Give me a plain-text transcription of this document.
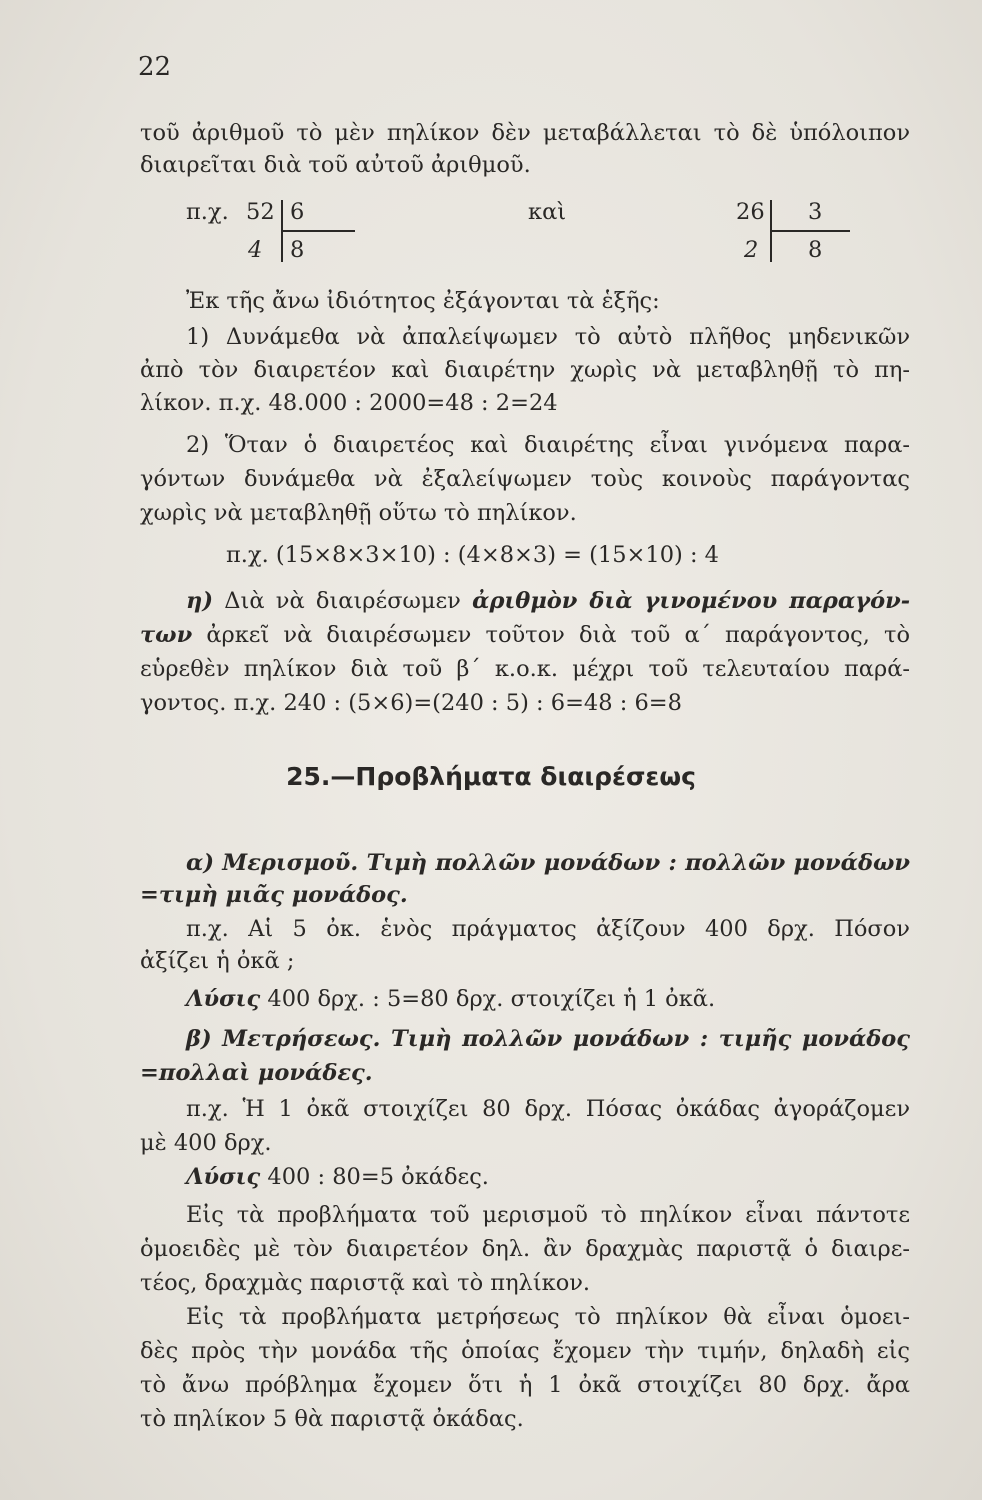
22
τοῦ ἀριθμοῦ τὸ μὲν πηλίκον δὲν μεταβάλλεται τὸ δὲ ὑπόλοιπον
διαιρεῖται διὰ τοῦ αὐτοῦ ἀριθμοῦ.
π.χ. 52 6
4 8
καὶ	26 3
2 8
Ἐκ τῆς ἄνω ἰδιότητος ἐξάγονται τὰ ἑξῆς:
1) Δυνάμεθα νὰ ἀπαλείψωμεν τὸ αὐτὸ πλῆθος μηδενικῶν
ἀπὸ τὸν διαιρετέον καὶ διαιρέτην χωρὶς νὰ μεταβληθῇ τὸ πη-
λίκον. π.χ. 48.000 : 2000=48 : 2=24
2) Ὅταν ὁ διαιρετέος καὶ διαιρέτης εἶναι γινόμενα παρα-
γόντων δυνάμεθα νὰ ἐξαλείψωμεν τοὺς κοινοὺς παράγοντας
χωρὶς νὰ μεταβληθῇ οὕτω τὸ πηλίκον.
π.χ. (15×8×3×10) : (4×8×3) = (15×10) : 4
η) Διὰ νὰ διαιρέσωμεν ἀριθμὸν διὰ γινομένου παραγόν-
των ἀρκεῖ νὰ διαιρέσωμεν τοῦτον διὰ τοῦ α΄ παράγοντος, τὸ
εὑρεθὲν πηλίκον διὰ τοῦ β΄ κ.ο.κ. μέχρι τοῦ τελευταίου παρά-
γοντος. π.χ. 240 : (5×6)=(240 : 5) : 6=48 : 6=8
25.—Προβλήματα διαιρέσεως
α) Μερισμοῦ. Τιμὴ πολλῶν μονάδων : πολλῶν μονάδων
=τιμὴ μιᾶς μονάδος.
π.χ. Αἱ 5 ὀκ. ἑνὸς πράγματος ἀξίζουν 400 δρχ. Πόσον
ἀξίζει ἡ ὀκᾶ ;
Λύσις 400 δρχ. : 5=80 δρχ. στοιχίζει ἡ 1 ὀκᾶ.
β) Μετρήσεως. Τιμὴ πολλῶν μονάδων : τιμῆς μονάδος
=πολλαὶ μονάδες.
π.χ. Ἡ 1 ὀκᾶ στοιχίζει 80 δρχ. Πόσας ὀκάδας ἀγοράζομεν
μὲ 400 δρχ.
Λύσις 400 : 80=5 ὀκάδες.
Εἰς τὰ προβλήματα τοῦ μερισμοῦ τὸ πηλίκον εἶναι πάντοτε
ὁμοειδὲς μὲ τὸν διαιρετέον δηλ. ἂν δραχμὰς παριστᾷ ὁ διαιρε-
τέος, δραχμὰς παριστᾷ καὶ τὸ πηλίκον.
Εἰς τὰ προβλήματα μετρήσεως τὸ πηλίκον θὰ εἶναι ὁμοει-
δὲς πρὸς τὴν μονάδα τῆς ὁποίας ἔχομεν τὴν τιμήν, δηλαδὴ εἰς
τὸ ἄνω πρόβλημα ἔχομεν ὅτι ἡ 1 ὀκᾶ στοιχίζει 80 δρχ. ἄρα
τὸ πηλίκον 5 θὰ παριστᾷ ὀκάδας.
